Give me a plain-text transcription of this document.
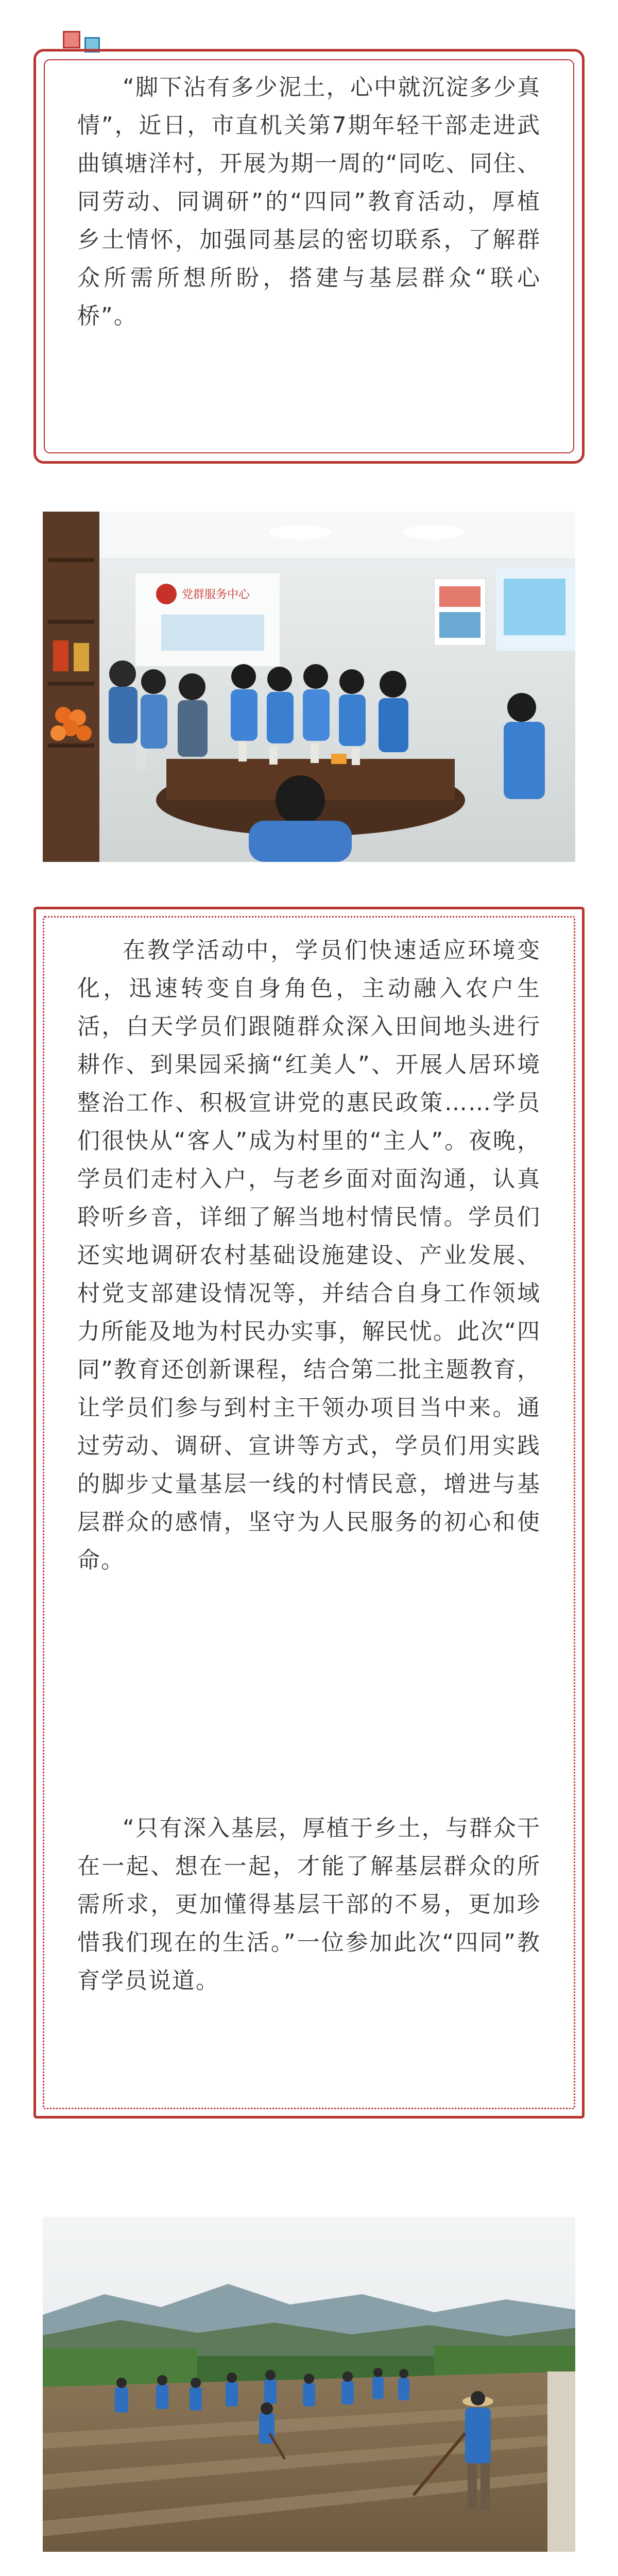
“脚下沾有多少泥土，心中就沉淀多少真情”，近日，市直机关第7期年轻干部走进武曲镇塘洋村，开展为期一周的“同吃、同住、同劳动、同调研”的“四同”教育活动，厚植乡土情怀，加强同基层的密切联系，了解群众所需所想所盼，搭建与基层群众“联心桥”。

党群服务中心

在教学活动中，学员们快速适应环境变化，迅速转变自身角色，主动融入农户生活，白天学员们跟随群众深入田间地头进行耕作、到果园采摘“红美人”、开展人居环境整治工作、积极宣讲党的惠民政策……学员们很快从“客人”成为村里的“主人”。夜晚，学员们走村入户，与老乡面对面沟通，认真聆听乡音，详细了解当地村情民情。学员们还实地调研农村基础设施建设、产业发展、村党支部建设情况等，并结合自身工作领域力所能及地为村民办实事，解民忧。此次“四同”教育还创新课程，结合第二批主题教育，让学员们参与到村主干领办项目当中来。通过劳动、调研、宣讲等方式，学员们用实践的脚步丈量基层一线的村情民意，增进与基层群众的感情，坚守为人民服务的初心和使命。

“只有深入基层，厚植于乡土，与群众干在一起、想在一起，才能了解基层群众的所需所求，更加懂得基层干部的不易，更加珍惜我们现在的生活。”一位参加此次“四同”教育学员说道。
